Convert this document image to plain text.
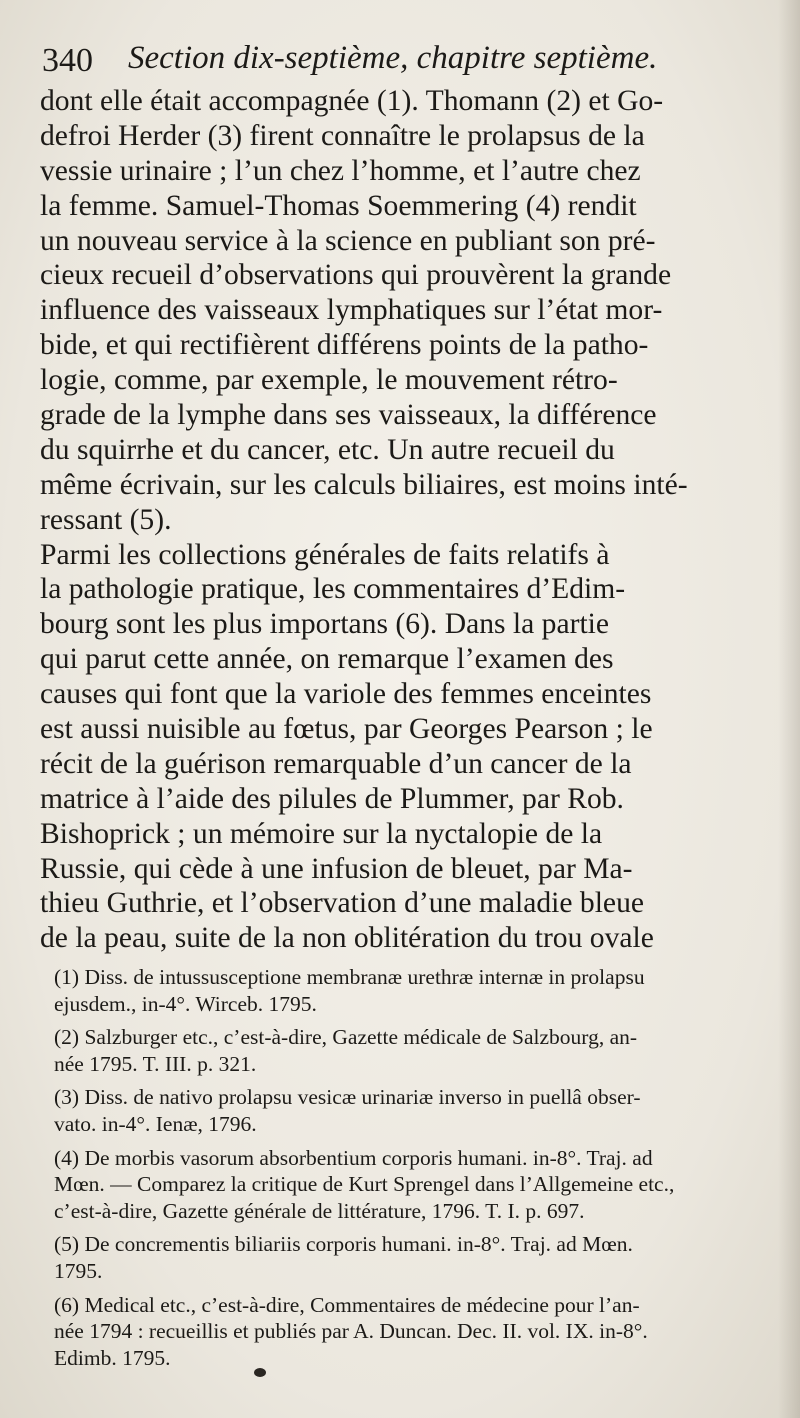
340 Section dix-septième, chapitre septième.
dont elle était accompagnée (1). Thomann (2) et Go-
defroi Herder (3) firent connaître le prolapsus de la
vessie urinaire ; l’un chez l’homme, et l’autre chez
la femme. Samuel-Thomas Soemmering (4) rendit
un nouveau service à la science en publiant son pré-
cieux recueil d’observations qui prouvèrent la grande
influence des vaisseaux lymphatiques sur l’état mor-
bide, et qui rectifièrent différens points de la patho-
logie, comme, par exemple, le mouvement rétro-
grade de la lymphe dans ses vaisseaux, la différence
du squirrhe et du cancer, etc. Un autre recueil du
même écrivain, sur les calculs biliaires, est moins inté-
ressant (5).
Parmi les collections générales de faits relatifs à
la pathologie pratique, les commentaires d’Edim-
bourg sont les plus importans (6). Dans la partie
qui parut cette année, on remarque l’examen des
causes qui font que la variole des femmes enceintes
est aussi nuisible au fœtus, par Georges Pearson ; le
récit de la guérison remarquable d’un cancer de la
matrice à l’aide des pilules de Plummer, par Rob.
Bishoprick ; un mémoire sur la nyctalopie de la
Russie, qui cède à une infusion de bleuet, par Ma-
thieu Guthrie, et l’observation d’une maladie bleue
de la peau, suite de la non oblitération du trou ovale
(1) Diss. de intussusceptione membranæ urethræ internæ in prolapsu
ejusdem., in-4°. Wirceb. 1795.
(2) Salzburger etc., c’est-à-dire, Gazette médicale de Salzbourg, an-
née 1795. T. III. p. 321.
(3) Diss. de nativo prolapsu vesicæ urinariæ inverso in puellâ obser-
vato. in-4°. Ienæ, 1796.
(4) De morbis vasorum absorbentium corporis humani. in-8°. Traj. ad
Mœn. — Comparez la critique de Kurt Sprengel dans l’Allgemeine etc.,
c’est-à-dire, Gazette générale de littérature, 1796. T. I. p. 697.
(5) De concrementis biliariis corporis humani. in-8°. Traj. ad Mœn.
1795.
(6) Medical etc., c’est-à-dire, Commentaires de médecine pour l’an-
née 1794 : recueillis et publiés par A. Duncan. Dec. II. vol. IX. in-8°.
Edimb. 1795.
